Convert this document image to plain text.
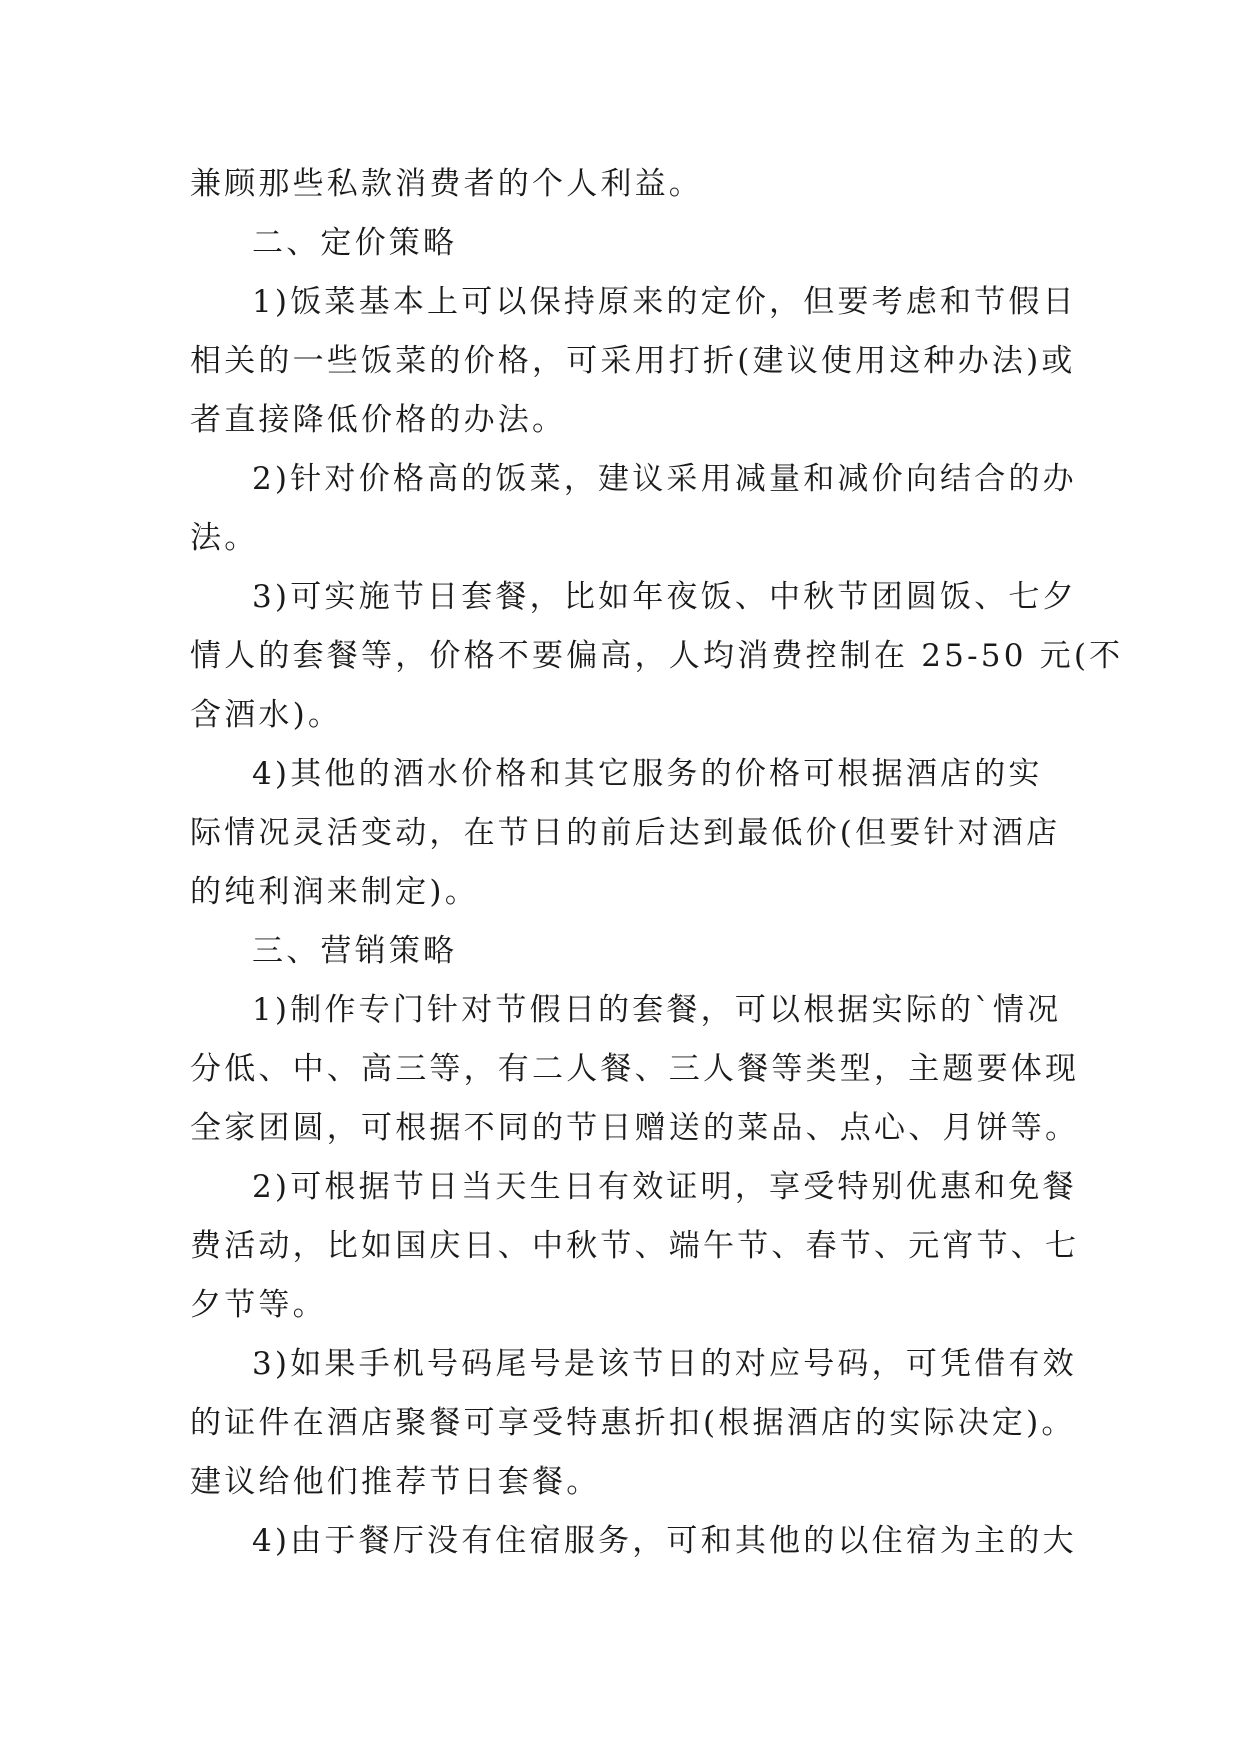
兼顾那些私款消费者的个人利益。
二、定价策略
1)饭菜基本上可以保持原来的定价，但要考虑和节假日
相关的一些饭菜的价格，可采用打折(建议使用这种办法)或
者直接降低价格的办法。
2)针对价格高的饭菜，建议采用减量和减价向结合的办
法。
3)可实施节日套餐，比如年夜饭、中秋节团圆饭、七夕
情人的套餐等，价格不要偏高，人均消费控制在 25-50 元(不
含酒水)。
4)其他的酒水价格和其它服务的价格可根据酒店的实
际情况灵活变动，在节日的前后达到最低价(但要针对酒店
的纯利润来制定)。
三、营销策略
1)制作专门针对节假日的套餐，可以根据实际的`情况
分低、中、高三等，有二人餐、三人餐等类型，主题要体现
全家团圆，可根据不同的节日赠送的菜品、点心、月饼等。
2)可根据节日当天生日有效证明，享受特别优惠和免餐
费活动，比如国庆日、中秋节、端午节、春节、元宵节、七
夕节等。
3)如果手机号码尾号是该节日的对应号码，可凭借有效
的证件在酒店聚餐可享受特惠折扣(根据酒店的实际决定)。
建议给他们推荐节日套餐。
4)由于餐厅没有住宿服务，可和其他的以住宿为主的大
